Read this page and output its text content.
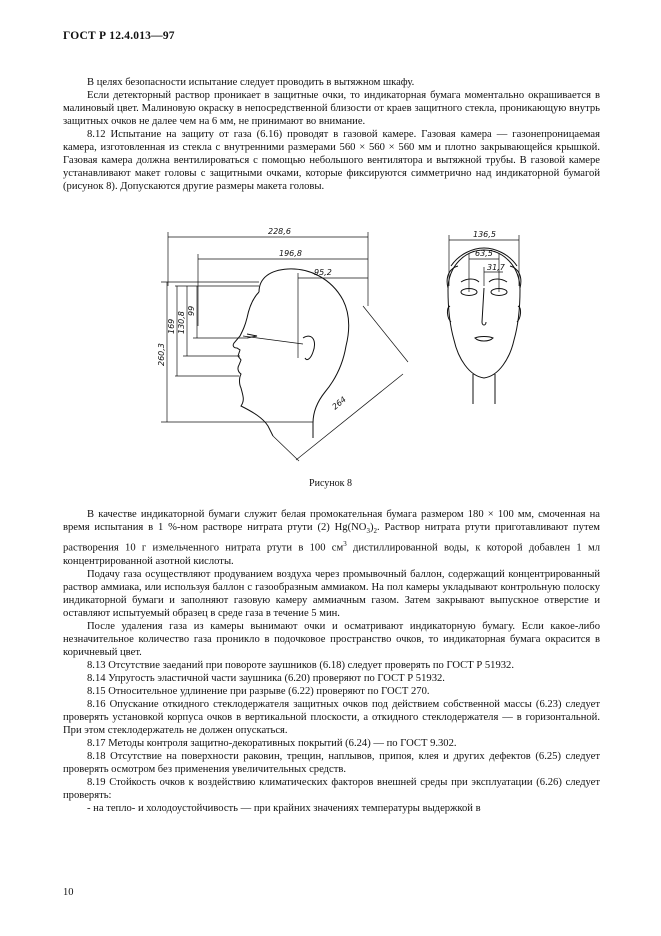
ГОСТ Р 12.4.013—97

В целях безопасности испытание следует проводить в вытяжном шкафу.

Если детекторный раствор проникает в защитные очки, то индикаторная бумага моментально окрашивается в малиновый цвет. Малиновую окраску в непосредственной близости от краев защитного стекла, проникающую внутрь защитных очков не далее чем на 6 мм, не принимают во внимание.

8.12 Испытание на защиту от газа (6.16) проводят в газовой камере. Газовая камера — газонепроницаемая камера, изготовленная из стекла с внутренними размерами 560 × 560 × 560 мм и плотно закрывающейся крышкой. Газовая камера должна вентилироваться с помощью небольшого вентилятора и вытяжной трубы. В газовой камере устанавливают макет головы с защитными очками, которые фиксируются симметрично над индикаторной бумагой (рисунок 8). Допускаются другие размеры макета головы.

228,6
196,8
95,2
260,3
169 130,8
99
264
136,5
63,5
31,7
Рисунок 8

В качестве индикаторной бумаги служит белая промокательная бумага размером 180 × 100 мм, смоченная на время испытания в 1 %-ном растворе нитрата ртути (2) $Hg(NO_3)_2$. Раствор нитрата ртути приготавливают путем растворения 10 г измельченного нитрата ртути в 100 $см^3$ дистиллированной воды, к которой добавлен 1 мл концентрированной азотной кислоты.

Подачу газа осуществляют продуванием воздуха через промывочный баллон, содержащий концентрированный раствор аммиака, или используя баллон с газообразным аммиаком. На пол камеры укладывают контрольную полоску индикаторной бумаги и заполняют газовую камеру аммиачным газом. Затем закрывают выпускное отверстие и оставляют испытуемый образец в среде газа в течение 5 мин.

После удаления газа из камеры вынимают очки и осматривают индикаторную бумагу. Если какое-либо незначительное количество газа проникло в подочковое пространство очков, то индикаторная бумага окрасится в коричневый цвет.

8.13 Отсутствие заеданий при повороте заушников (6.18) следует проверять по ГОСТ Р 51932.

8.14 Упругость эластичной части заушника (6.20) проверяют по ГОСТ Р 51932.

8.15 Относительное удлинение при разрыве (6.22) проверяют по ГОСТ 270.

8.16 Опускание откидного стеклодержателя защитных очков под действием собственной массы (6.23) следует проверять установкой корпуса очков в вертикальной плоскости, а откидного стеклодержателя — в горизонтальной. При этом стеклодержатель не должен опускаться.

8.17 Методы контроля защитно-декоративных покрытий (6.24) — по ГОСТ 9.302.

8.18 Отсутствие на поверхности раковин, трещин, наплывов, припоя, клея и других дефектов (6.25) следует проверять осмотром без применения увеличительных средств.

8.19 Стойкость очков к воздействию климатических факторов внешней среды при эксплуатации (6.26) следует проверять:

- на тепло- и холодоустойчивость — при крайних значениях температуры выдержкой в

10
